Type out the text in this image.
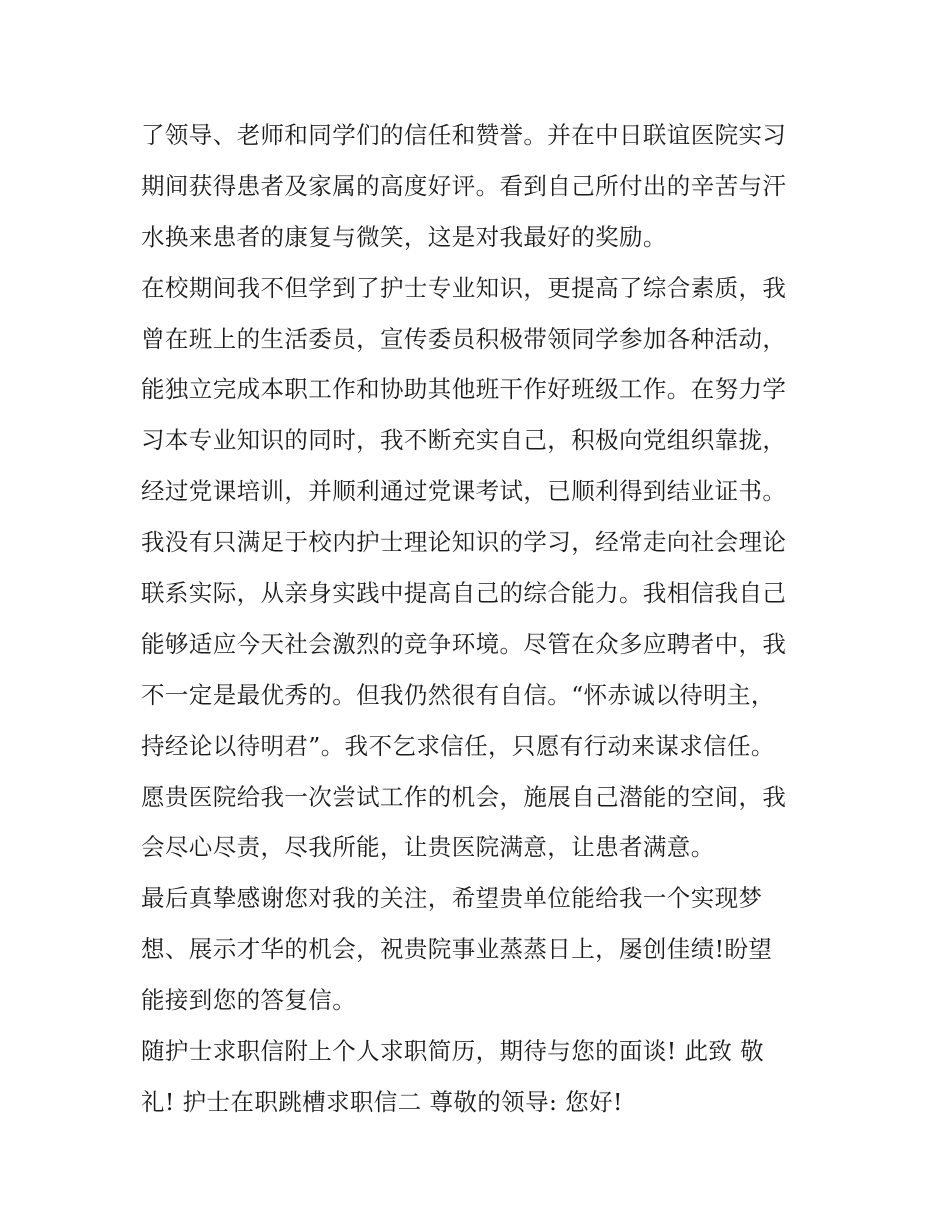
了领导、老师和同学们的信任和赞誉。并在中日联谊医院实习
期间获得患者及家属的高度好评。看到自己所付出的辛苦与汗
水换来患者的康复与微笑，这是对我最好的奖励。
在校期间我不但学到了护士专业知识，更提高了综合素质，我
曾在班上的生活委员，宣传委员积极带领同学参加各种活动，
能独立完成本职工作和协助其他班干作好班级工作。在努力学
习本专业知识的同时，我不断充实自己，积极向党组织靠拢，
经过党课培训，并顺利通过党课考试，已顺利得到结业证书。
我没有只满足于校内护士理论知识的学习，经常走向社会理论
联系实际，从亲身实践中提高自己的综合能力。我相信我自己
能够适应今天社会激烈的竞争环境。尽管在众多应聘者中，我
不一定是最优秀的。但我仍然很有自信。“怀赤诚以待明主，
持经论以待明君”。我不乞求信任，只愿有行动来谋求信任。
愿贵医院给我一次尝试工作的机会，施展自己潜能的空间，我
会尽心尽责，尽我所能，让贵医院满意，让患者满意。
最后真挚感谢您对我的关注，希望贵单位能给我一个实现梦
想、展示才华的机会，祝贵院事业蒸蒸日上，屡创佳绩!盼望
能接到您的答复信。
随护士求职信附上个人求职简历，期待与您的面谈! 此致 敬
礼! 护士在职跳槽求职信二 尊敬的领导: 您好!
